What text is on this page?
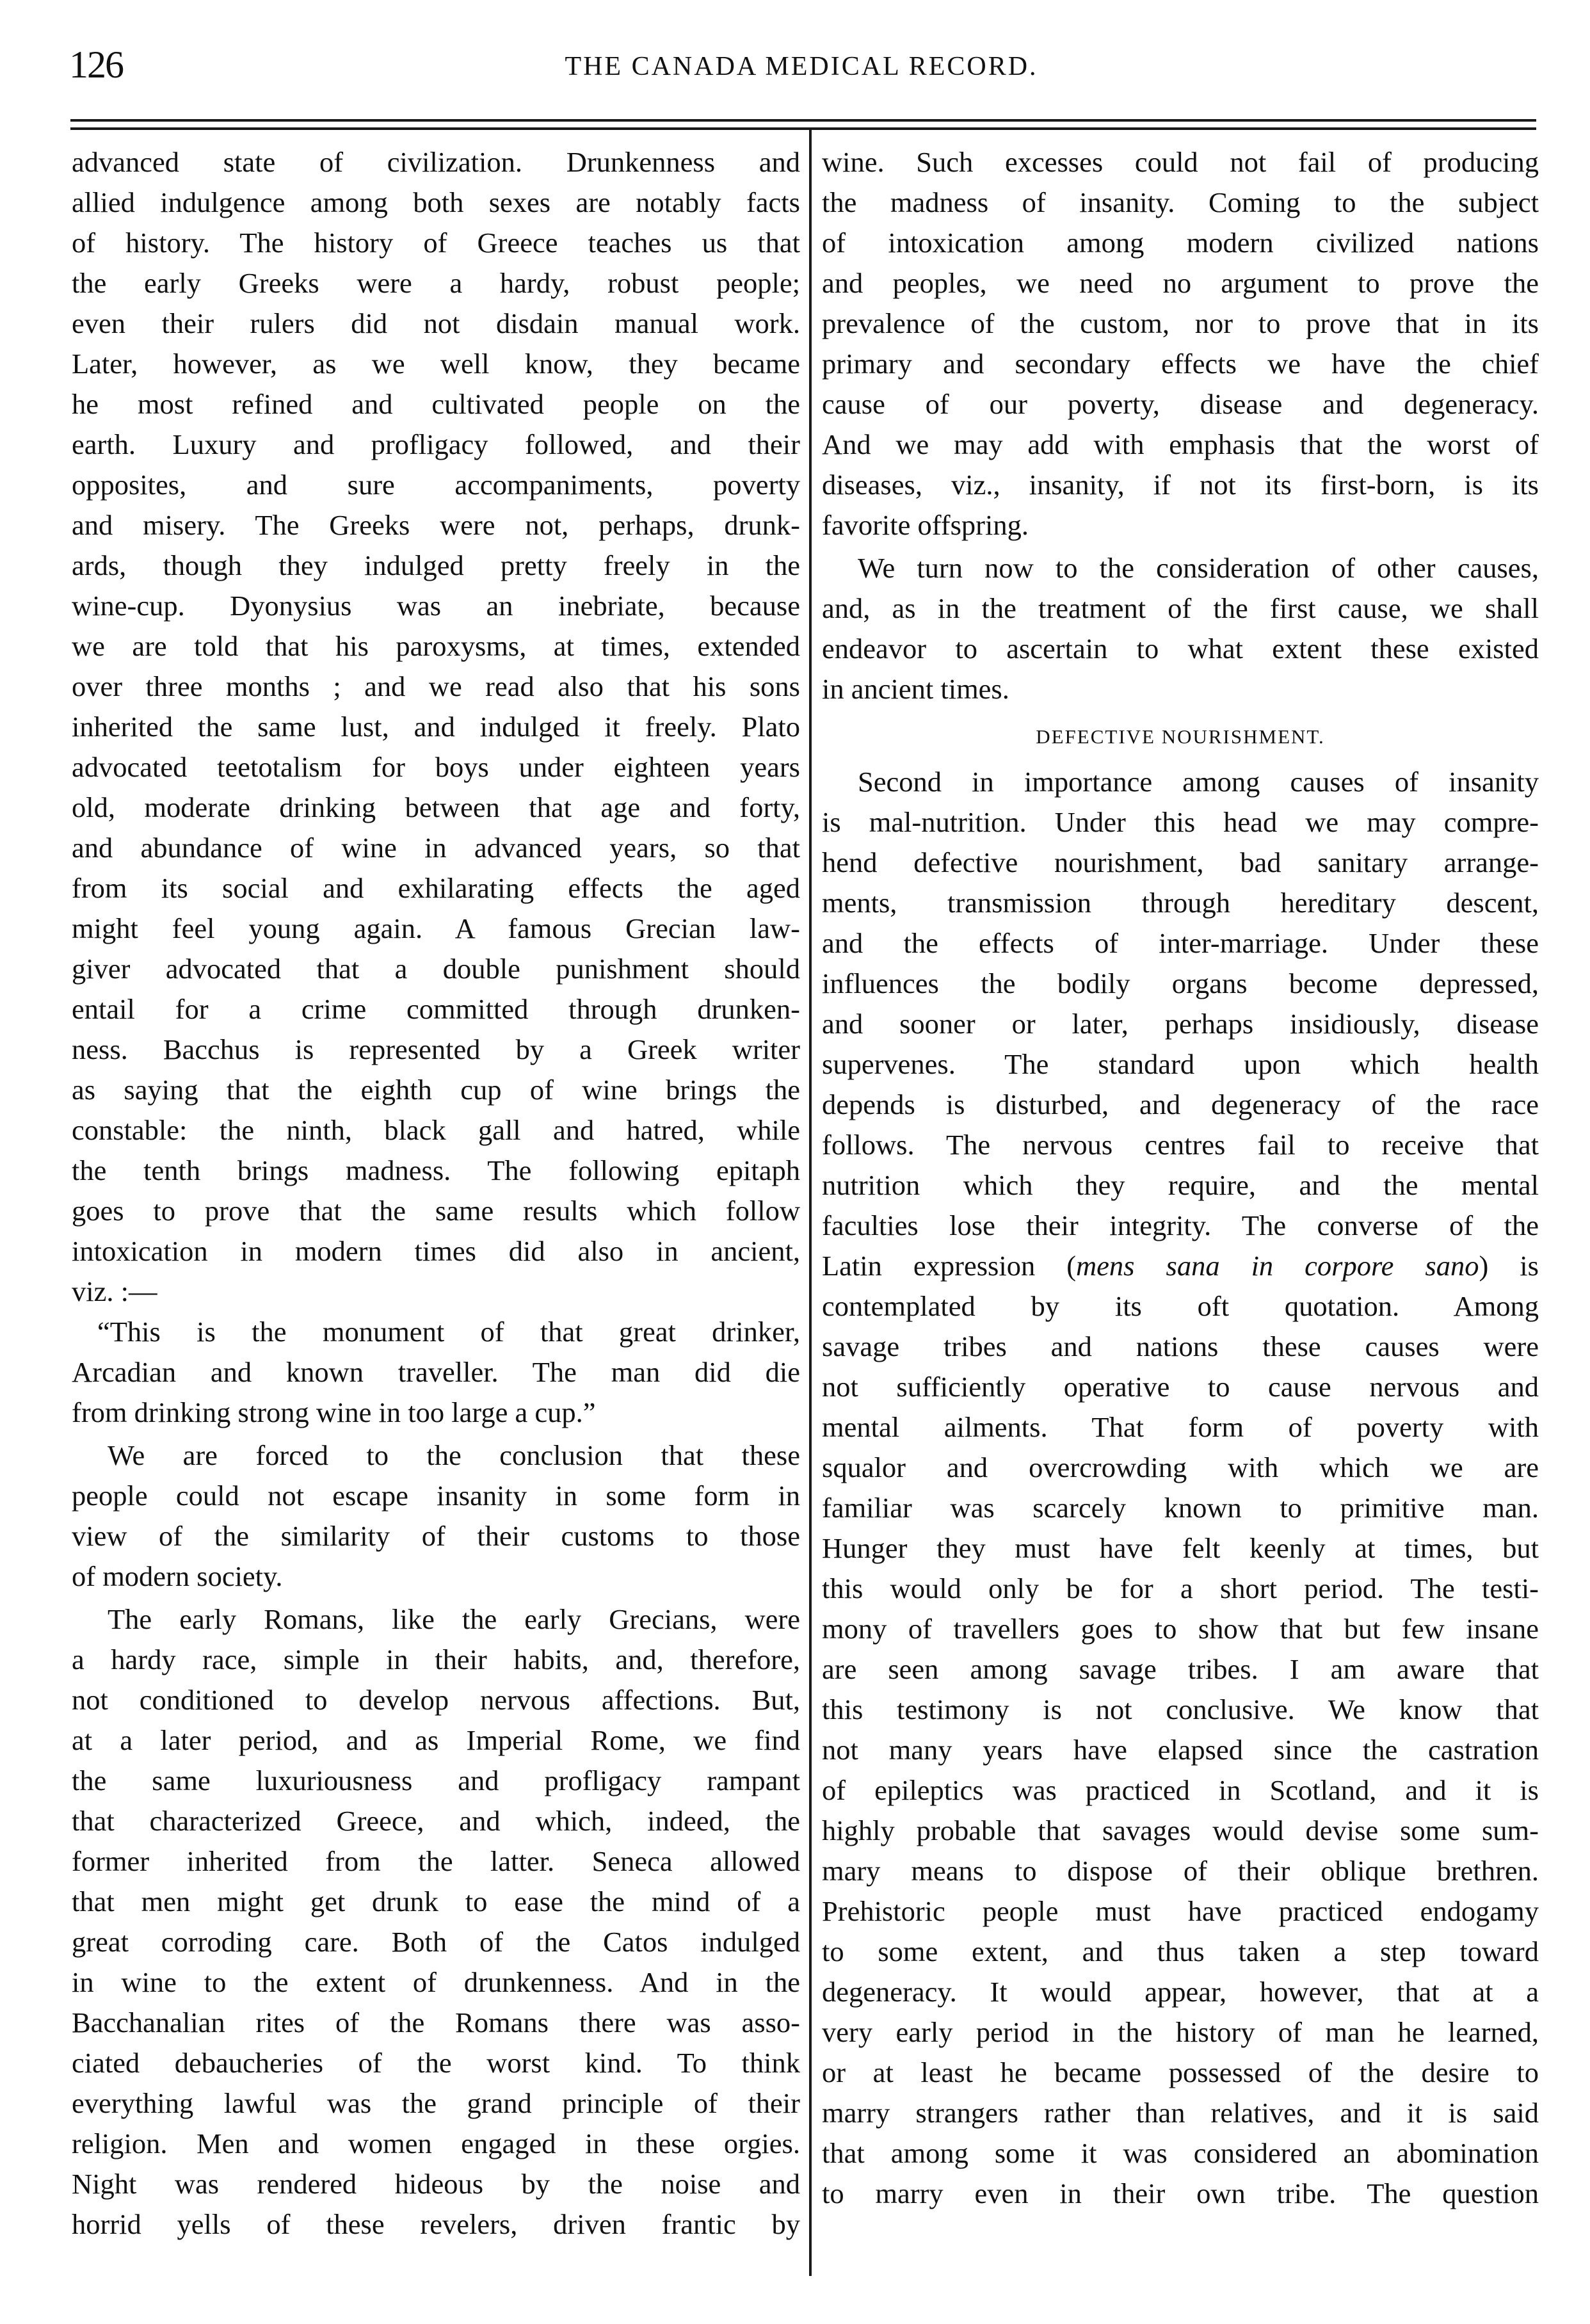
126	THE CANADA MEDICAL RECORD.
advanced state of civilization. Drunkenness and
allied indulgence among both sexes are notably facts
of history. The history of Greece teaches us that
the early Greeks were a hardy, robust people;
even their rulers did not disdain manual work.
Later, however, as we well know, they became
he most refined and cultivated people on the
earth. Luxury and profligacy followed, and their
opposites, and sure accompaniments, poverty
and misery. The Greeks were not, perhaps, drunk-
ards, though they indulged pretty freely in the
wine-cup. Dyonysius was an inebriate, because
we are told that his paroxysms, at times, extended
over three months ; and we read also that his sons
inherited the same lust, and indulged it freely. Plato
advocated teetotalism for boys under eighteen years
old, moderate drinking between that age and forty,
and abundance of wine in advanced years, so that
from its social and exhilarating effects the aged
might feel young again. A famous Grecian law-
giver advocated that a double punishment should
entail for a crime committed through drunken-
ness. Bacchus is represented by a Greek writer
as saying that the eighth cup of wine brings the
constable: the ninth, black gall and hatred, while
the tenth brings madness. The following epitaph
goes to prove that the same results which follow
intoxication in modern times did also in ancient,
viz. :—
“This is the monument of that great drinker,
Arcadian and known traveller. The man did die
from drinking strong wine in too large a cup.”
We are forced to the conclusion that these
people could not escape insanity in some form in
view of the similarity of their customs to those
of modern society.
The early Romans, like the early Grecians, were
a hardy race, simple in their habits, and, therefore,
not conditioned to develop nervous affections. But,
at a later period, and as Imperial Rome, we find
the same luxuriousness and profligacy rampant
that characterized Greece, and which, indeed, the
former inherited from the latter. Seneca allowed
that men might get drunk to ease the mind of a
great corroding care. Both of the Catos indulged
in wine to the extent of drunkenness. And in the
Bacchanalian rites of the Romans there was asso-
ciated debaucheries of the worst kind. To think
everything lawful was the grand principle of their
religion. Men and women engaged in these orgies.
Night was rendered hideous by the noise and
horrid yells of these revelers, driven frantic by
wine. Such excesses could not fail of producing
the madness of insanity. Coming to the subject
of intoxication among modern civilized nations
and peoples, we need no argument to prove the
prevalence of the custom, nor to prove that in its
primary and secondary effects we have the chief
cause of our poverty, disease and degeneracy.
And we may add with emphasis that the worst of
diseases, viz., insanity, if not its first-born, is its
favorite offspring.
We turn now to the consideration of other causes,
and, as in the treatment of the first cause, we shall
endeavor to ascertain to what extent these existed
in ancient times.
DEFECTIVE NOURISHMENT.
Second in importance among causes of insanity
is mal-nutrition. Under this head we may compre-
hend defective nourishment, bad sanitary arrange-
ments, transmission through hereditary descent,
and the effects of inter-marriage. Under these
influences the bodily organs become depressed,
and sooner or later, perhaps insidiously, disease
supervenes. The standard upon which health
depends is disturbed, and degeneracy of the race
follows. The nervous centres fail to receive that
nutrition which they require, and the mental
faculties lose their integrity. The converse of the
Latin expression (mens sana in corpore sano) is
contemplated by its oft quotation. Among
savage tribes and nations these causes were
not sufficiently operative to cause nervous and
mental ailments. That form of poverty with
squalor and overcrowding with which we are
familiar was scarcely known to primitive man.
Hunger they must have felt keenly at times, but
this would only be for a short period. The testi-
mony of travellers goes to show that but few insane
are seen among savage tribes. I am aware that
this testimony is not conclusive. We know that
not many years have elapsed since the castration
of epileptics was practiced in Scotland, and it is
highly probable that savages would devise some sum-
mary means to dispose of their oblique brethren.
Prehistoric people must have practiced endogamy
to some extent, and thus taken a step toward
degeneracy. It would appear, however, that at a
very early period in the history of man he learned,
or at least he became possessed of the desire to
marry strangers rather than relatives, and it is said
that among some it was considered an abomination
to marry even in their own tribe. The question
